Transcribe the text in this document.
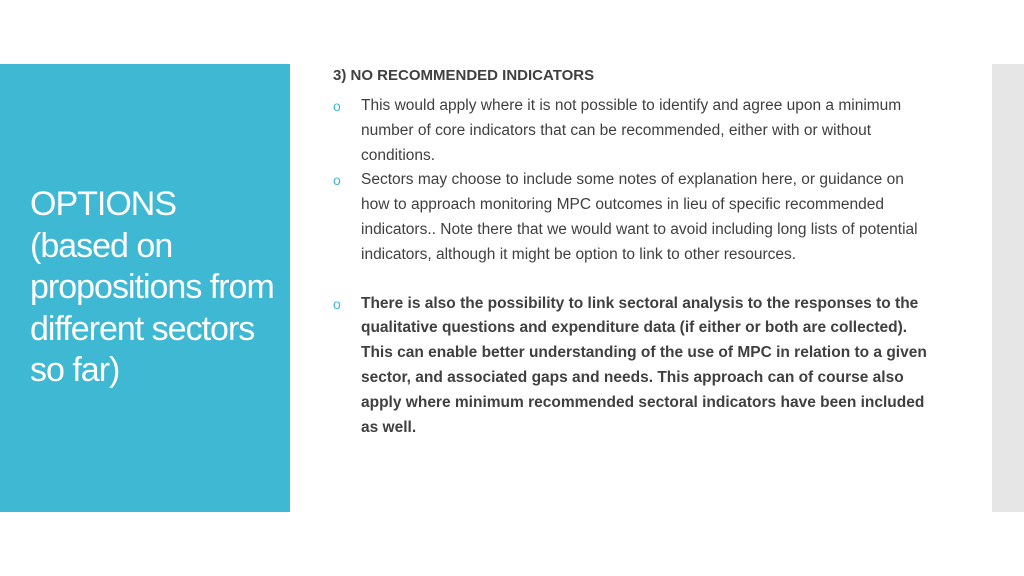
OPTIONS (based on propositions from different sectors so far)
3) NO RECOMMENDED INDICATORS
o This would apply where it is not possible to identify and agree upon a minimum number of core indicators that can be recommended, either with or without conditions.
o Sectors may choose to include some notes of explanation here, or guidance on how to approach monitoring MPC outcomes in lieu of specific recommended indicators.. Note there that we would want to avoid including long lists of potential indicators, although it might be option to link to other resources.
o There is also the possibility to link sectoral analysis to the responses to the qualitative questions and expenditure data (if either or both are collected). This can enable better understanding of the use of MPC in relation to a given sector, and associated gaps and needs. This approach can of course also apply where minimum recommended sectoral indicators have been included as well.
